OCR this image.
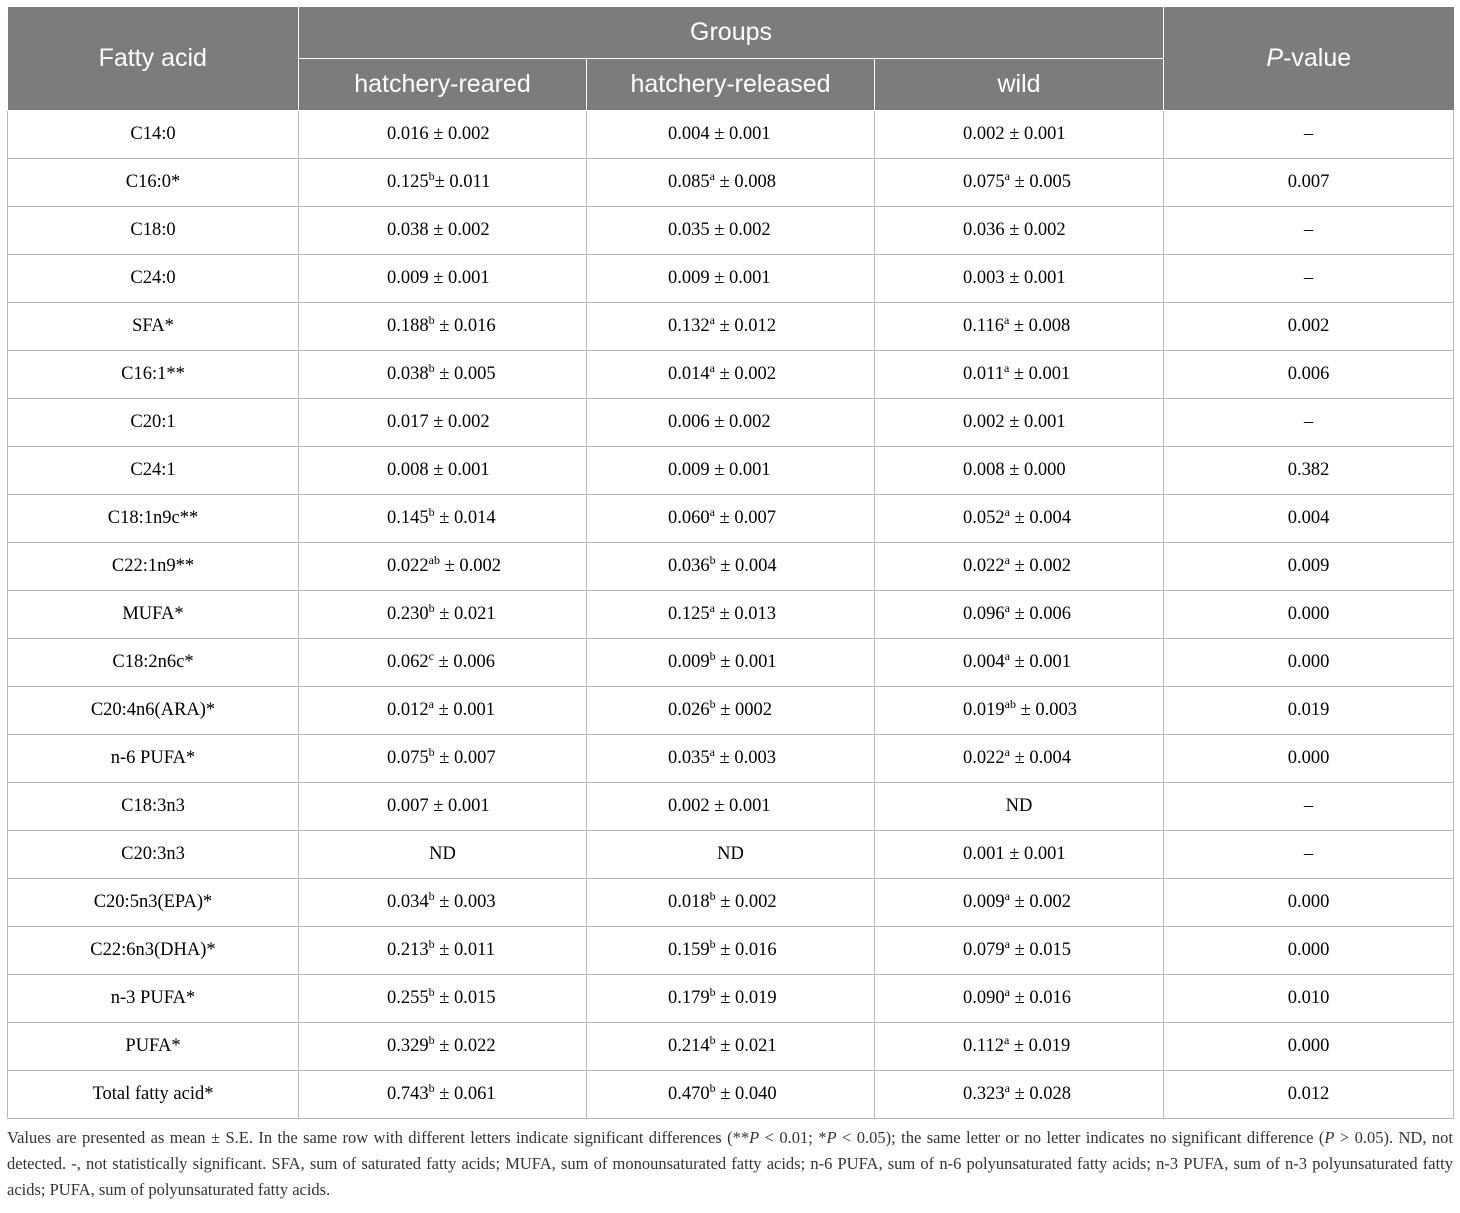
Fatty acid	Groups			P-value
	hatchery-reared	hatchery-released	wild	
C14:0	0.016 ± 0.002	0.004 ± 0.001	0.002 ± 0.001	–
C16:0*	0.125$^b$± 0.011	0.085$^a$ ± 0.008	0.075$^a$ ± 0.005	0.007
C18:0	0.038 ± 0.002	0.035 ± 0.002	0.036 ± 0.002	–
C24:0	0.009 ± 0.001	0.009 ± 0.001	0.003 ± 0.001	–
SFA*	0.188$^b$ ± 0.016	0.132$^a$ ± 0.012	0.116$^a$ ± 0.008	0.002
C16:1**	0.038$^b$ ± 0.005	0.014$^a$ ± 0.002	0.011$^a$ ± 0.001	0.006
C20:1	0.017 ± 0.002	0.006 ± 0.002	0.002 ± 0.001	–
C24:1	0.008 ± 0.001	0.009 ± 0.001	0.008 ± 0.000	0.382
C18:1n9c**	0.145$^b$ ± 0.014	0.060$^a$ ± 0.007	0.052$^a$ ± 0.004	0.004
C22:1n9**	0.022$^{ab}$ ± 0.002	0.036$^b$ ± 0.004	0.022$^a$ ± 0.002	0.009
MUFA*	0.230$^b$ ± 0.021	0.125$^a$ ± 0.013	0.096$^a$ ± 0.006	0.000
C18:2n6c*	0.062$^c$ ± 0.006	0.009$^b$ ± 0.001	0.004$^a$ ± 0.001	0.000
C20:4n6(ARA)*	0.012$^a$ ± 0.001	0.026$^b$ ± 0002	0.019$^{ab}$ ± 0.003	0.019
n-6 PUFA*	0.075$^b$ ± 0.007	0.035$^a$ ± 0.003	0.022$^a$ ± 0.004	0.000
C18:3n3	0.007 ± 0.001	0.002 ± 0.001	ND	–
C20:3n3	ND	ND	0.001 ± 0.001	–
C20:5n3(EPA)*	0.034$^b$ ± 0.003	0.018$^b$ ± 0.002	0.009$^a$ ± 0.002	0.000
C22:6n3(DHA)*	0.213$^b$ ± 0.011	0.159$^b$ ± 0.016	0.079$^a$ ± 0.015	0.000
n-3 PUFA*	0.255$^b$ ± 0.015	0.179$^b$ ± 0.019	0.090$^a$ ± 0.016	0.010
PUFA*	0.329$^b$ ± 0.022	0.214$^b$ ± 0.021	0.112$^a$ ± 0.019	0.000
Total fatty acid*	0.743$^b$ ± 0.061	0.470$^b$ ± 0.040	0.323$^a$ ± 0.028	0.012
Values are presented as mean ± S.E. In the same row with different letters indicate significant differences (**P < 0.01; *P < 0.05); the same letter or no letter indicates no significant difference (P > 0.05). ND, not detected. -, not statistically significant. SFA, sum of saturated fatty acids; MUFA, sum of monounsaturated fatty acids; n-6 PUFA, sum of n-6 polyunsaturated fatty acids; n-3 PUFA, sum of n-3 polyunsaturated fatty acids; PUFA, sum of polyunsaturated fatty acids.
